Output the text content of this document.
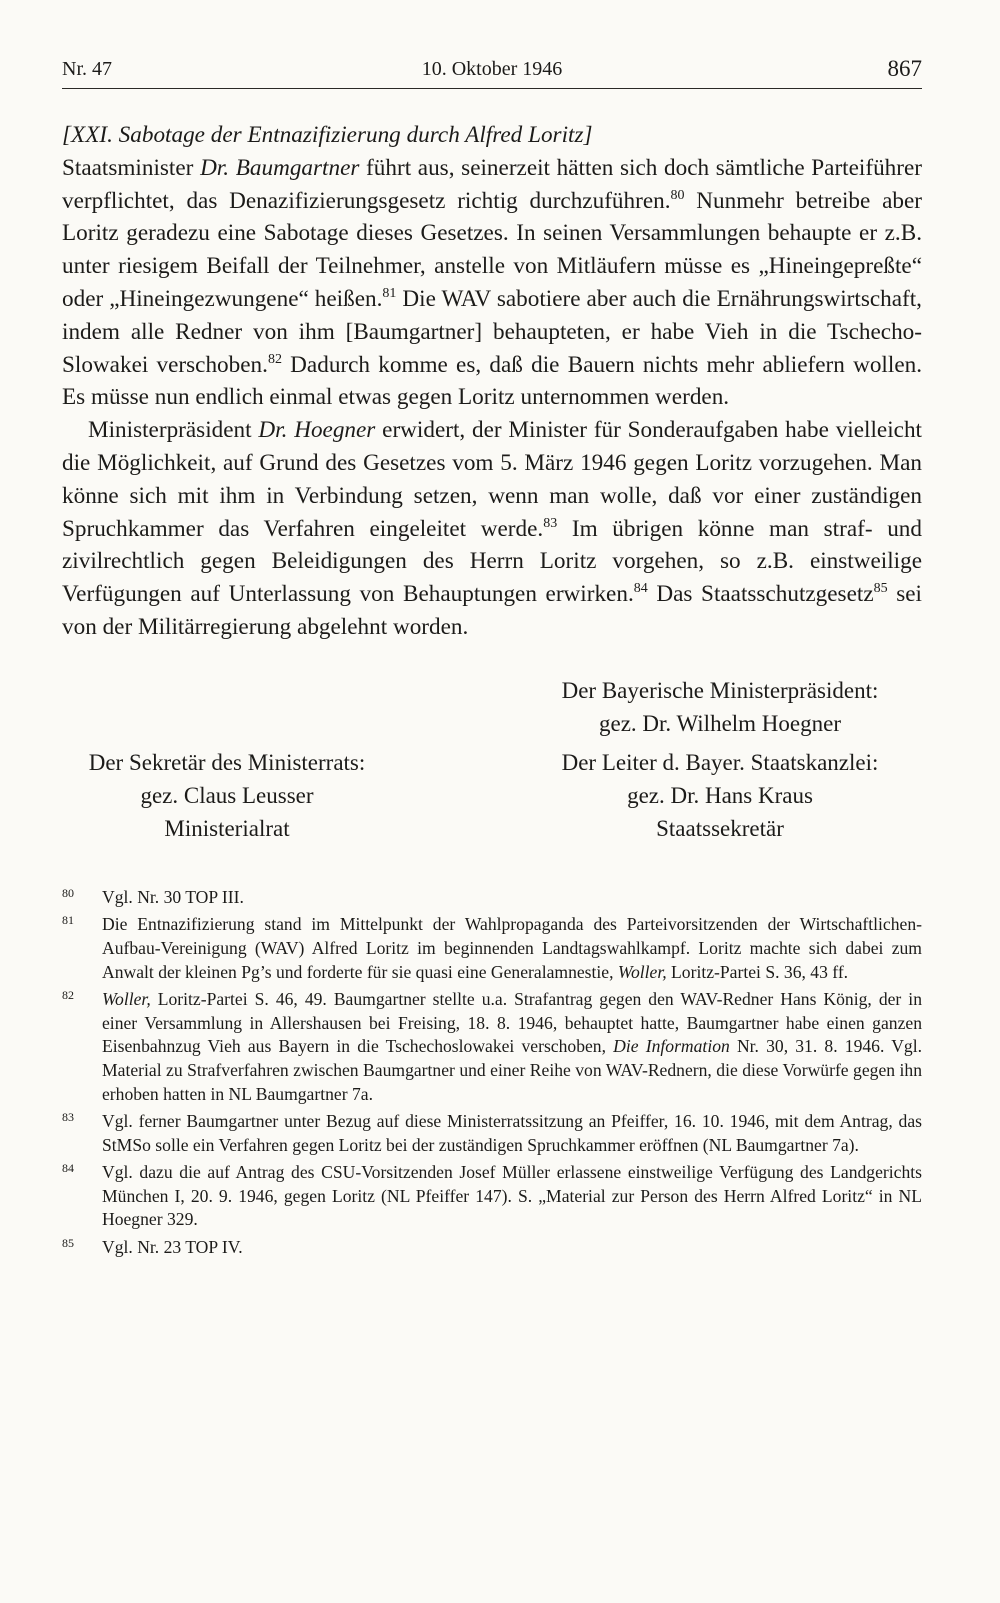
Nr. 47	10. Oktober 1946	867

[XXI. Sabotage der Entnazifizierung durch Alfred Loritz]

Staatsminister Dr. Baumgartner führt aus, seinerzeit hätten sich doch sämtliche Parteiführer verpflichtet, das Denazifizierungsgesetz richtig durchzuführen.$^{80}$ Nunmehr betreibe aber Loritz geradezu eine Sabotage dieses Gesetzes. In seinen Versammlungen behaupte er z.B. unter riesigem Beifall der Teilnehmer, anstelle von Mitläufern müsse es „Hineingepreßte“ oder „Hineingezwungene“ heißen.$^{81}$ Die WAV sabotiere aber auch die Ernährungswirtschaft, indem alle Redner von ihm [Baumgartner] behaupteten, er habe Vieh in die Tschecho-Slowakei verschoben.$^{82}$ Dadurch komme es, daß die Bauern nichts mehr abliefern wollen. Es müsse nun endlich einmal etwas gegen Loritz unternommen werden.

Ministerpräsident Dr. Hoegner erwidert, der Minister für Sonderaufgaben habe vielleicht die Möglichkeit, auf Grund des Gesetzes vom 5. März 1946 gegen Loritz vorzugehen. Man könne sich mit ihm in Verbindung setzen, wenn man wolle, daß vor einer zuständigen Spruchkammer das Verfahren eingeleitet werde.$^{83}$ Im übrigen könne man straf- und zivilrechtlich gegen Beleidigungen des Herrn Loritz vorgehen, so z.B. einstweilige Verfügungen auf Unterlassung von Behauptungen erwirken.$^{84}$ Das Staatsschutzgesetz$^{85}$ sei von der Militärregierung abgelehnt worden.

Der Bayerische Ministerpräsident:
gez. Dr. Wilhelm Hoegner
Der Sekretär des Ministerrats:
gez. Claus Leusser
Ministerialrat
Der Leiter d. Bayer. Staatskanzlei:
gez. Dr. Hans Kraus
Staatssekretär
80 Vgl. Nr. 30 TOP III.
81 Die Entnazifizierung stand im Mittelpunkt der Wahlpropaganda des Parteivorsitzenden der Wirtschaftlichen-Aufbau-Vereinigung (WAV) Alfred Loritz im beginnenden Landtagswahlkampf. Loritz machte sich dabei zum Anwalt der kleinen Pg’s und forderte für sie quasi eine Generalamnestie, Woller, Loritz-Partei S. 36, 43 ff.
82 Woller, Loritz-Partei S. 46, 49. Baumgartner stellte u.a. Strafantrag gegen den WAV-Redner Hans König, der in einer Versammlung in Allershausen bei Freising, 18. 8. 1946, behauptet hatte, Baumgartner habe einen ganzen Eisenbahnzug Vieh aus Bayern in die Tschechoslowakei verschoben, Die Information Nr. 30, 31. 8. 1946. Vgl. Material zu Strafverfahren zwischen Baumgartner und einer Reihe von WAV-Rednern, die diese Vorwürfe gegen ihn erhoben hatten in NL Baumgartner 7a.
83 Vgl. ferner Baumgartner unter Bezug auf diese Ministerratssitzung an Pfeiffer, 16. 10. 1946, mit dem Antrag, das StMSo solle ein Verfahren gegen Loritz bei der zuständigen Spruchkammer eröffnen (NL Baumgartner 7a).
84 Vgl. dazu die auf Antrag des CSU-Vorsitzenden Josef Müller erlassene einstweilige Verfügung des Landgerichts München I, 20. 9. 1946, gegen Loritz (NL Pfeiffer 147). S. „Material zur Person des Herrn Alfred Loritz“ in NL Hoegner 329.
85 Vgl. Nr. 23 TOP IV.
